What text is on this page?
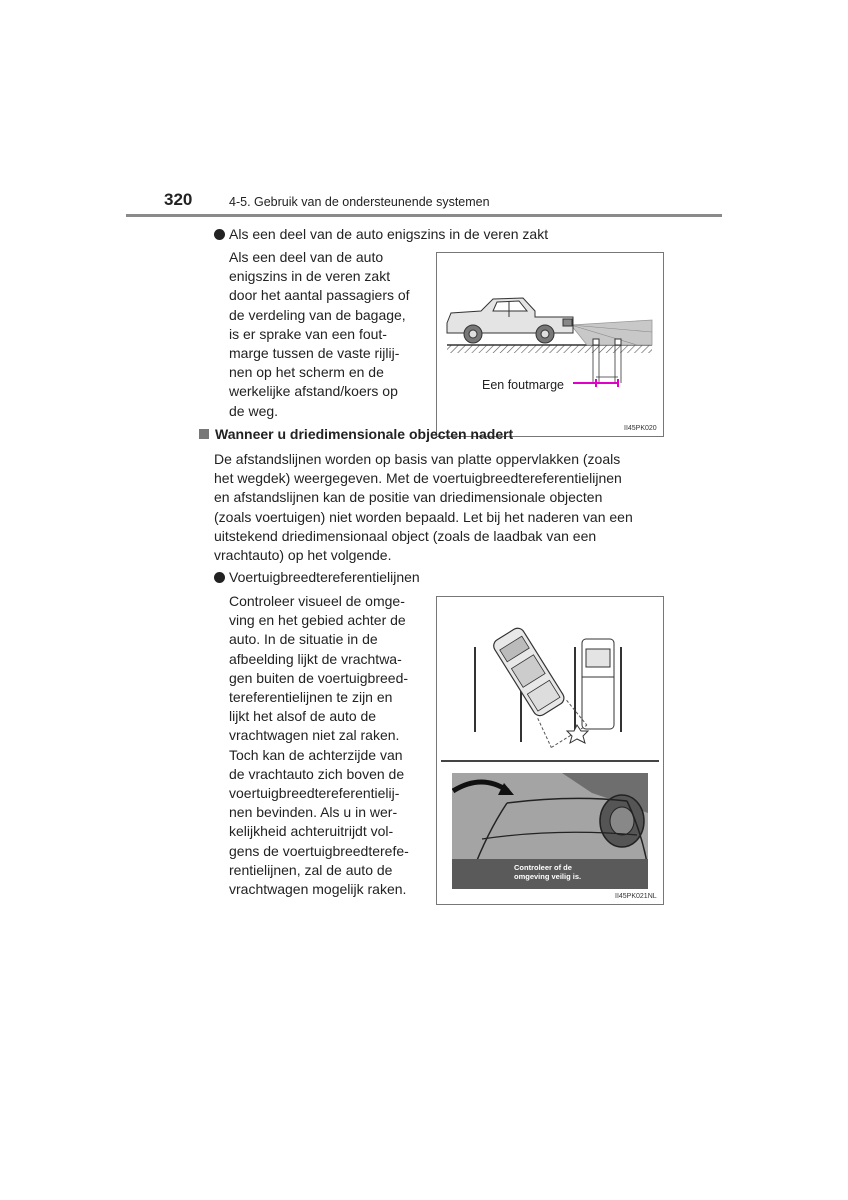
320	4-5. Gebruik van de ondersteunende systemen
Als een deel van de auto enigszins in de veren zakt
Als een deel van de auto
enigszins in de veren zakt
door het aantal passagiers of
de verdeling van de bagage,
is er sprake van een fout-
marge tussen de vaste rijlij-
nen op het scherm en de
werkelijke afstand/koers op
de weg.
Een foutmarge
II45PK020
Wanneer u driedimensionale objecten nadert
De afstandslijnen worden op basis van platte oppervlakken (zoals
het wegdek) weergegeven. Met de voertuigbreedtereferentielijnen
en afstandslijnen kan de positie van driedimensionale objecten
(zoals voertuigen) niet worden bepaald. Let bij het naderen van een
uitstekend driedimensionaal object (zoals de laadbak van een
vrachtauto) op het volgende.
Voertuigbreedtereferentielijnen
Controleer visueel de omge-
ving en het gebied achter de
auto. In de situatie in de
afbeelding lijkt de vrachtwa-
gen buiten de voertuigbreed-
tereferentielijnen te zijn en
lijkt het alsof de auto de
vrachtwagen niet zal raken.
Toch kan de achterzijde van
de vrachtauto zich boven de
voertuigbreedtereferentielij-
nen bevinden. Als u in wer-
kelijkheid achteruitrijdt vol-
gens de voertuigbreedterefe-
rentielijnen, zal de auto de
vrachtwagen mogelijk raken.
Controleer of de
omgeving veilig is.
II45PK021NL
